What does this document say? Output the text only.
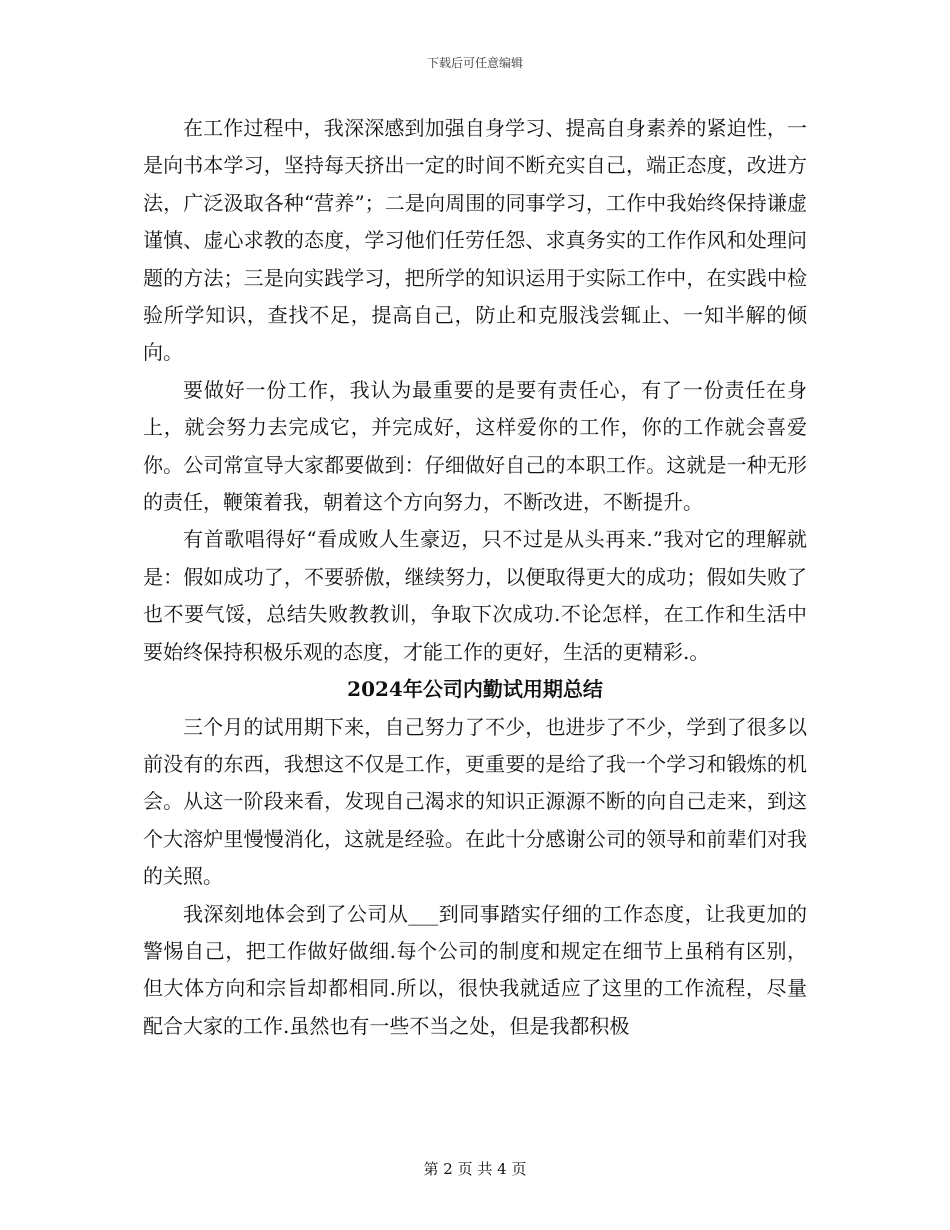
下载后可任意编辑

在工作过程中，我深深感到加强自身学习、提高自身素养的紧迫性，一是向书本学习，坚持每天挤出一定的时间不断充实自己，端正态度，改进方法，广泛汲取各种“营养”；二是向周围的同事学习，工作中我始终保持谦虚谨慎、虚心求教的态度，学习他们任劳任怨、求真务实的工作作风和处理问题的方法；三是向实践学习，把所学的知识运用于实际工作中，在实践中检验所学知识，查找不足，提高自己，防止和克服浅尝辄止、一知半解的倾向。

要做好一份工作，我认为最重要的是要有责任心，有了一份责任在身上，就会努力去完成它，并完成好，这样爱你的工作，你的工作就会喜爱你。公司常宣导大家都要做到：仔细做好自己的本职工作。这就是一种无形的责任，鞭策着我，朝着这个方向努力，不断改进，不断提升。

有首歌唱得好“看成败人生豪迈，只不过是从头再来.”我对它的理解就是：假如成功了，不要骄傲，继续努力，以便取得更大的成功；假如失败了也不要气馁，总结失败教教训，争取下次成功.不论怎样，在工作和生活中要始终保持积极乐观的态度，才能工作的更好，生活的更精彩.。

2024年公司内勤试用期总结

三个月的试用期下来，自己努力了不少，也进步了不少，学到了很多以前没有的东西，我想这不仅是工作，更重要的是给了我一个学习和锻炼的机会。从这一阶段来看，发现自己渴求的知识正源源不断的向自己走来，到这个大溶炉里慢慢消化，这就是经验。在此十分感谢公司的领导和前辈们对我的关照。

我深刻地体会到了公司从___到同事踏实仔细的工作态度，让我更加的警惕自己，把工作做好做细.每个公司的制度和规定在细节上虽稍有区别，但大体方向和宗旨却都相同.所以，很快我就适应了这里的工作流程，尽量配合大家的工作.虽然也有一些不当之处，但是我都积极

第 2 页 共 4 页
